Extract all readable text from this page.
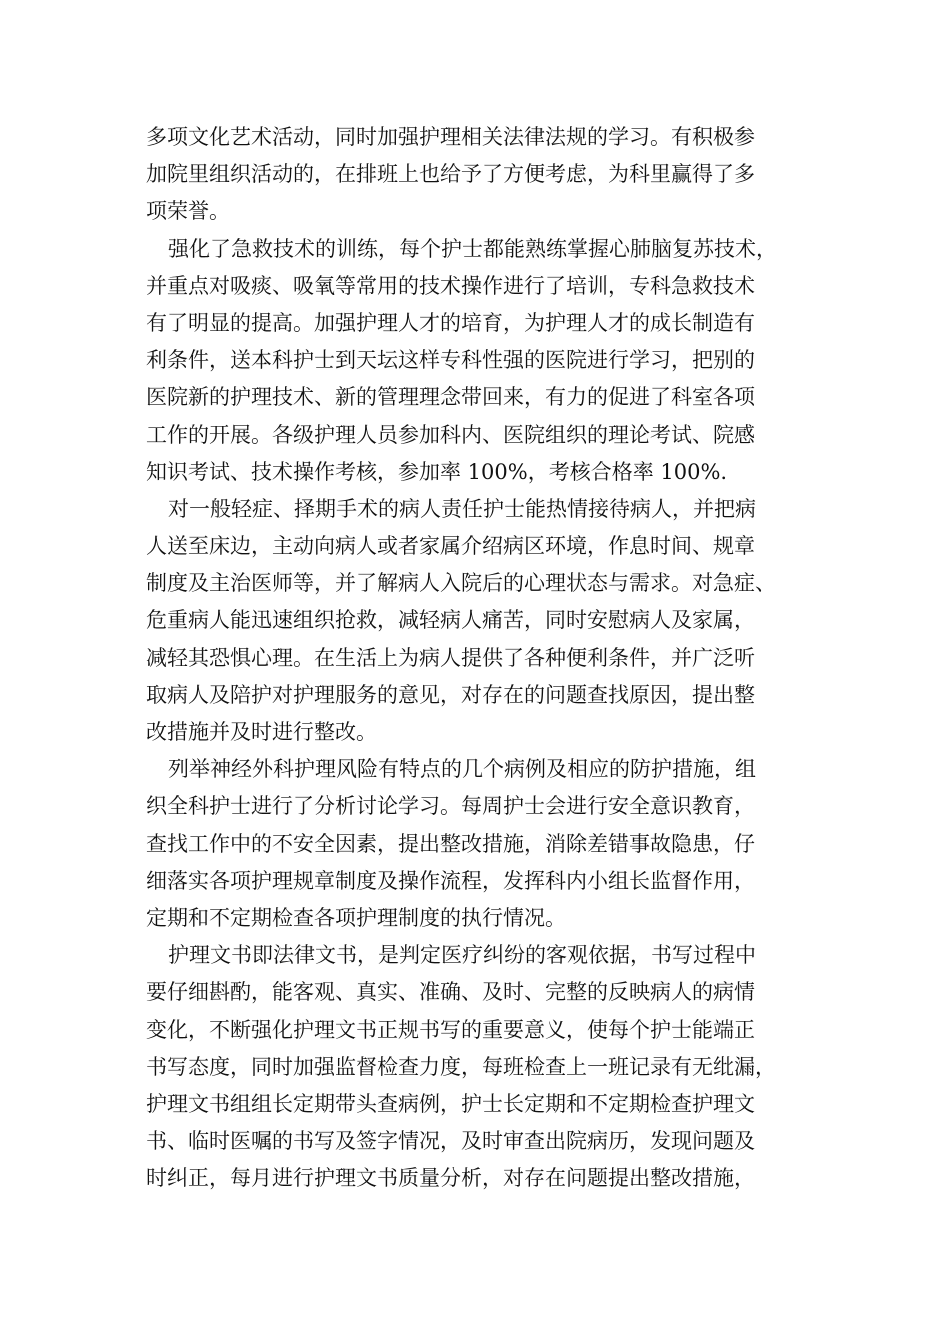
多项文化艺术活动，同时加强护理相关法律法规的学习。有积极参
加院里组织活动的，在排班上也给予了方便考虑，为科里赢得了多
项荣誉。
强化了急救技术的训练，每个护士都能熟练掌握心肺脑复苏技术，
并重点对吸痰、吸氧等常用的技术操作进行了培训，专科急救技术
有了明显的提高。加强护理人才的培育，为护理人才的成长制造有
利条件，送本科护士到天坛这样专科性强的医院进行学习，把别的
医院新的护理技术、新的管理理念带回来，有力的促进了科室各项
工作的开展。各级护理人员参加科内、医院组织的理论考试、院感
知识考试、技术操作考核，参加率 100%，考核合格率 100%.
对一般轻症、择期手术的病人责任护士能热情接待病人，并把病
人送至床边，主动向病人或者家属介绍病区环境，作息时间、规章
制度及主治医师等，并了解病人入院后的心理状态与需求。对急症、
危重病人能迅速组织抢救，减轻病人痛苦，同时安慰病人及家属，
减轻其恐惧心理。在生活上为病人提供了各种便利条件，并广泛听
取病人及陪护对护理服务的意见，对存在的问题查找原因，提出整
改措施并及时进行整改。
列举神经外科护理风险有特点的几个病例及相应的防护措施，组
织全科护士进行了分析讨论学习。每周护士会进行安全意识教育，
查找工作中的不安全因素，提出整改措施，消除差错事故隐患，仔
细落实各项护理规章制度及操作流程，发挥科内小组长监督作用，
定期和不定期检查各项护理制度的执行情况。
护理文书即法律文书，是判定医疗纠纷的客观依据，书写过程中
要仔细斟酌，能客观、真实、准确、及时、完整的反映病人的病情
变化，不断强化护理文书正规书写的重要意义，使每个护士能端正
书写态度，同时加强监督检查力度，每班检查上一班记录有无纰漏，
护理文书组组长定期带头查病例，护士长定期和不定期检查护理文
书、临时医嘱的书写及签字情况，及时审查出院病历，发现问题及
时纠正，每月进行护理文书质量分析，对存在问题提出整改措施，
